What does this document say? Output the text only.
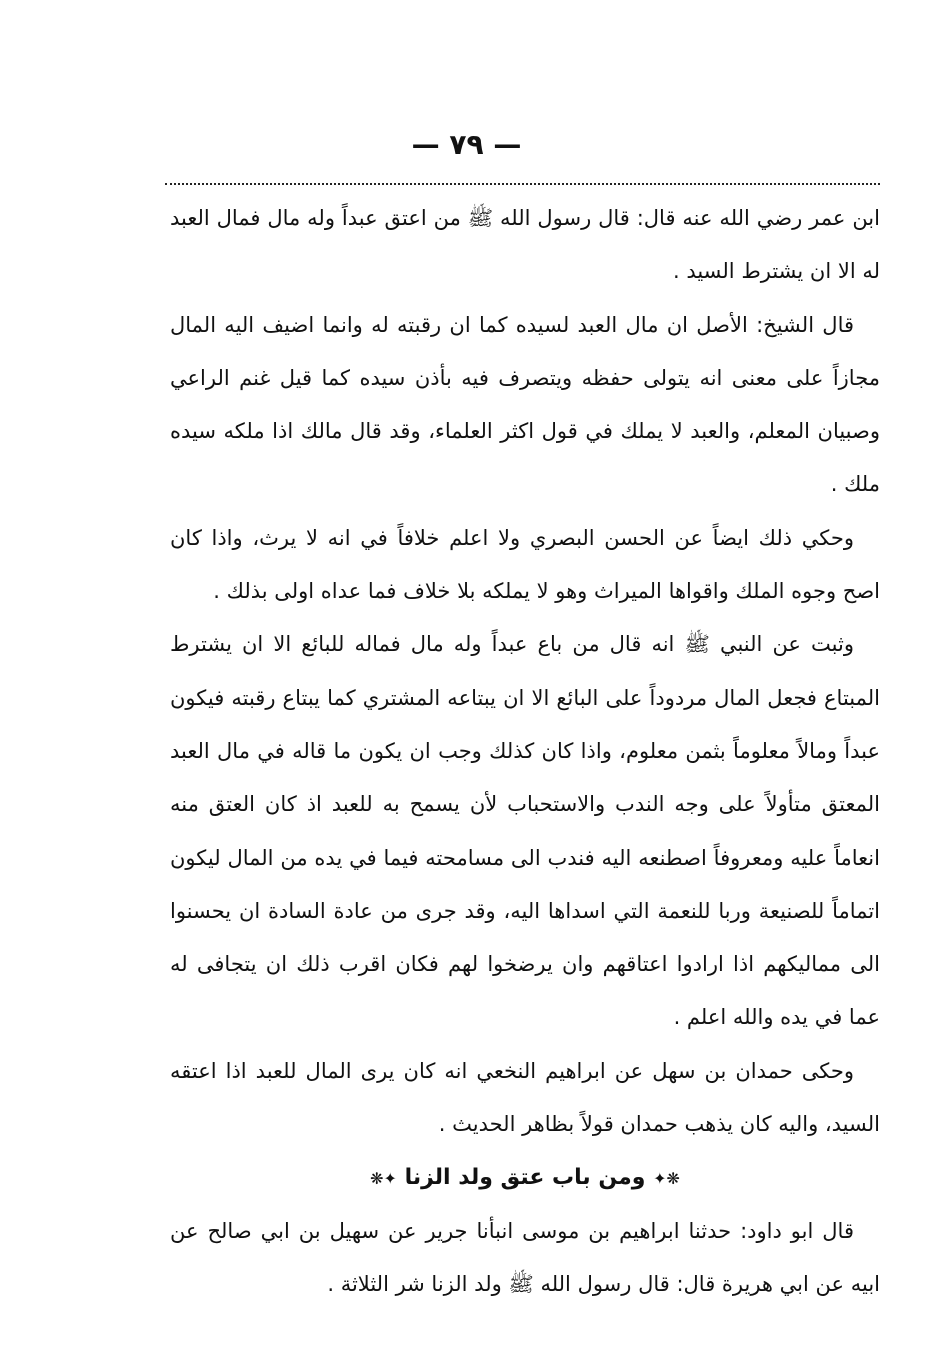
— ٧٩ —

ابن عمر رضي الله عنه قال: قال رسول الله ﷺ من اعتق عبداً وله مال فمال العبد له الا ان يشترط السيد .

قال الشيخ: الأصل ان مال العبد لسيده كما ان رقبته له وانما اضيف اليه المال مجازاً على معنى انه يتولى حفظه ويتصرف فيه بأذن سيده كما قيل غنم الراعي وصبيان المعلم، والعبد لا يملك في قول اكثر العلماء، وقد قال مالك اذا ملكه سيده ملك .

وحكي ذلك ايضاً عن الحسن البصري ولا اعلم خلافاً في انه لا يرث، واذا كان اصح وجوه الملك واقواها الميراث وهو لا يملكه بلا خلاف فما عداه اولى بذلك .

وثبت عن النبي ﷺ انه قال من باع عبداً وله مال فماله للبائع الا ان يشترط المبتاع فجعل المال مردوداً على البائع الا ان يبتاعه المشتري كما يبتاع رقبته فيكون عبداً ومالاً معلوماً بثمن معلوم، واذا كان كذلك وجب ان يكون ما قاله في مال العبد المعتق متأولاً على وجه الندب والاستحباب لأن يسمح به للعبد اذ كان العتق منه انعاماً عليه ومعروفاً اصطنعه اليه فندب الى مسامحته فيما في يده من المال ليكون اتماماً للصنيعة وربا للنعمة التي اسداها اليه، وقد جرى من عادة السادة ان يحسنوا الى مماليكهم اذا ارادوا اعتاقهم وان يرضخوا لهم فكان اقرب ذلك ان يتجافى له عما في يده والله اعلم .

وحكى حمدان بن سهل عن ابراهيم النخعي انه كان يرى المال للعبد اذا اعتقه السيد، واليه كان يذهب حمدان قولاً بظاهر الحديث .

❋✦ ومن باب عتق ولد الزنا ✦❋

قال ابو داود: حدثنا ابراهيم بن موسى انبأنا جرير عن سهيل بن ابي صالح عن ابيه عن ابي هريرة قال: قال رسول الله ﷺ ولد الزنا شر الثلاثة .
